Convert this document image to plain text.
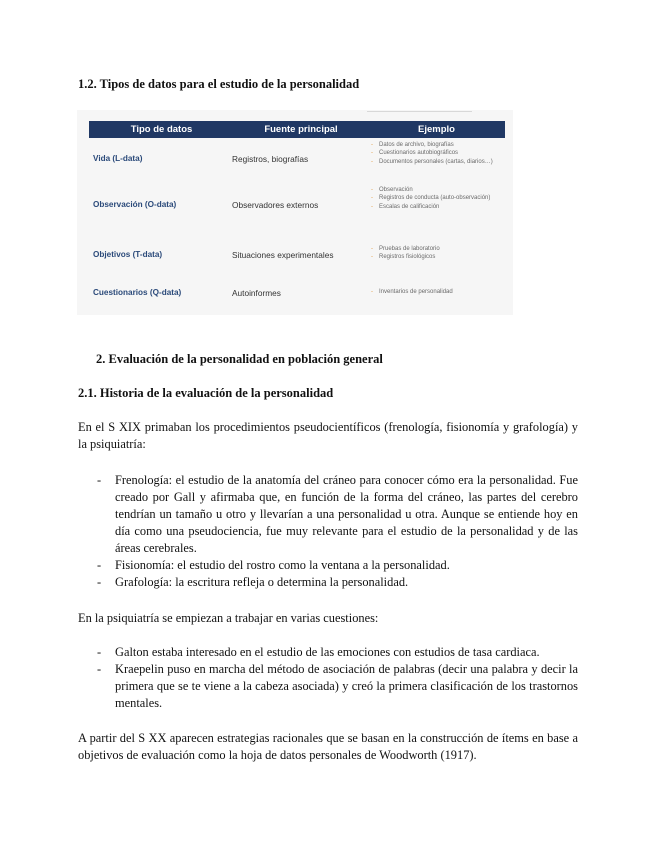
1.2. Tipos de datos para el estudio de la personalidad
Tipo de datos	Fuente principal	Ejemplo
Vida (L-data)	Registros, biografías
- Datos de archivo, biografías
- Cuestionarios autobiográficos
- Documentos personales (cartas, diarios…)
Observación (O-data)	Observadores externos
- Observación
- Registros de conducta (auto-observación)
- Escalas de calificación
Objetivos (T-data)	Situaciones experimentales
- Pruebas de laboratorio
- Registros fisiológicos
Cuestionarios (Q-data)	Autoinformes	- Inventarios de personalidad
2. Evaluación de la personalidad en población general
2.1. Historia de la evaluación de la personalidad

En el S XIX primaban los procedimientos pseudocientíficos (frenología, fisionomía y grafología) y la psiquiatría:

- Frenología: el estudio de la anatomía del cráneo para conocer cómo era la personalidad. Fue creado por Gall y afirmaba que, en función de la forma del cráneo, las partes del cerebro tendrían un tamaño u otro y llevarían a una personalidad u otra. Aunque se entiende hoy en día como una pseudociencia, fue muy relevante para el estudio de la personalidad y de las áreas cerebrales.
- Fisionomía: el estudio del rostro como la ventana a la personalidad.
- Grafología: la escritura refleja o determina la personalidad.

En la psiquiatría se empiezan a trabajar en varias cuestiones:

- Galton estaba interesado en el estudio de las emociones con estudios de tasa cardiaca.
- Kraepelin puso en marcha del método de asociación de palabras (decir una palabra y decir la primera que se te viene a la cabeza asociada) y creó la primera clasificación de los trastornos mentales.

A partir del S XX aparecen estrategias racionales que se basan en la construcción de ítems en base a objetivos de evaluación como la hoja de datos personales de Woodworth (1917).
